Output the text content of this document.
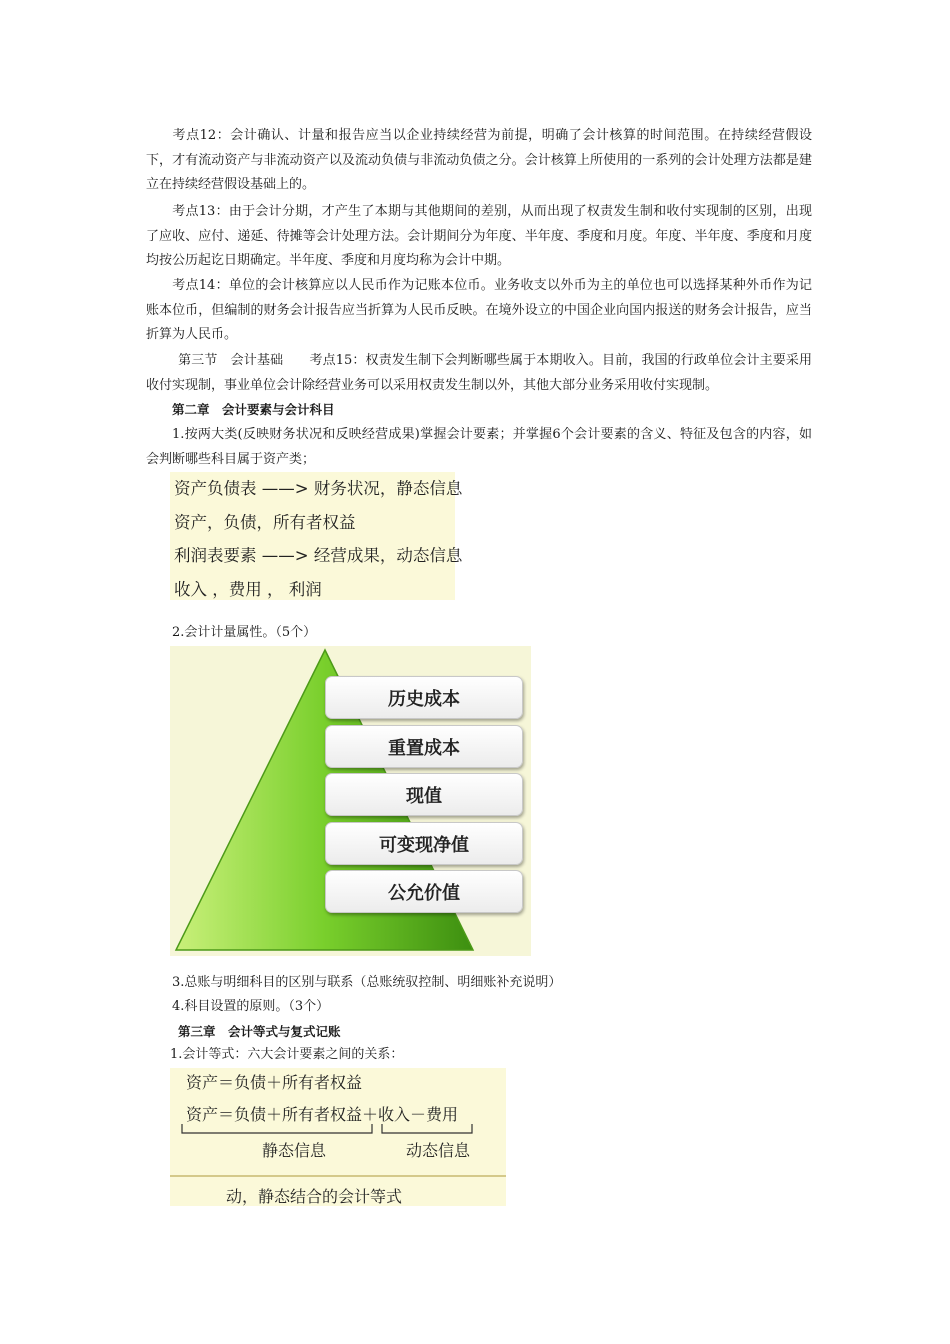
考点12：会计确认、计量和报告应当以企业持续经营为前提，明确了会计核算的时间范围。在持续经营假设下，才有流动资产与非流动资产以及流动负债与非流动负债之分。会计核算上所使用的一系列的会计处理方法都是建立在持续经营假设基础上的。

考点13：由于会计分期，才产生了本期与其他期间的差别，从而出现了权责发生制和收付实现制的区别，出现了应收、应付、递延、待摊等会计处理方法。会计期间分为年度、半年度、季度和月度。年度、半年度、季度和月度均按公历起讫日期确定。半年度、季度和月度均称为会计中期。

考点14：单位的会计核算应以人民币作为记账本位币。业务收支以外币为主的单位也可以选择某种外币作为记账本位币，但编制的财务会计报告应当折算为人民币反映。在境外设立的中国企业向国内报送的财务会计报告，应当折算为人民币。

第三节　会计基础　　考点15：权责发生制下会判断哪些属于本期收入。目前，我国的行政单位会计主要采用收付实现制，事业单位会计除经营业务可以采用权责发生制以外，其他大部分业务采用收付实现制。

第二章　会计要素与会计科目

1.按两大类(反映财务状况和反映经营成果)掌握会计要素；并掌握6个会计要素的含义、特征及包含的内容，如会判断哪些科目属于资产类；

资产负债表 ——> 财务状况，静态信息
资产，负债，所有者权益
利润表要素 ——> 经营成果，动态信息
收入 ，费用 ， 利润

2.会计计量属性。（5个）

历史成本
重置成本
现值
可变现净值
公允价值

3.总账与明细科目的区别与联系（总账统驭控制、明细账补充说明）

4.科目设置的原则。（3个）

第三章　会计等式与复式记账

1.会计等式：六大会计要素之间的关系：

资产＝负债＋所有者权益
资产＝负债＋所有者权益＋收入－费用
静态信息	动态信息
动，静态结合的会计等式
